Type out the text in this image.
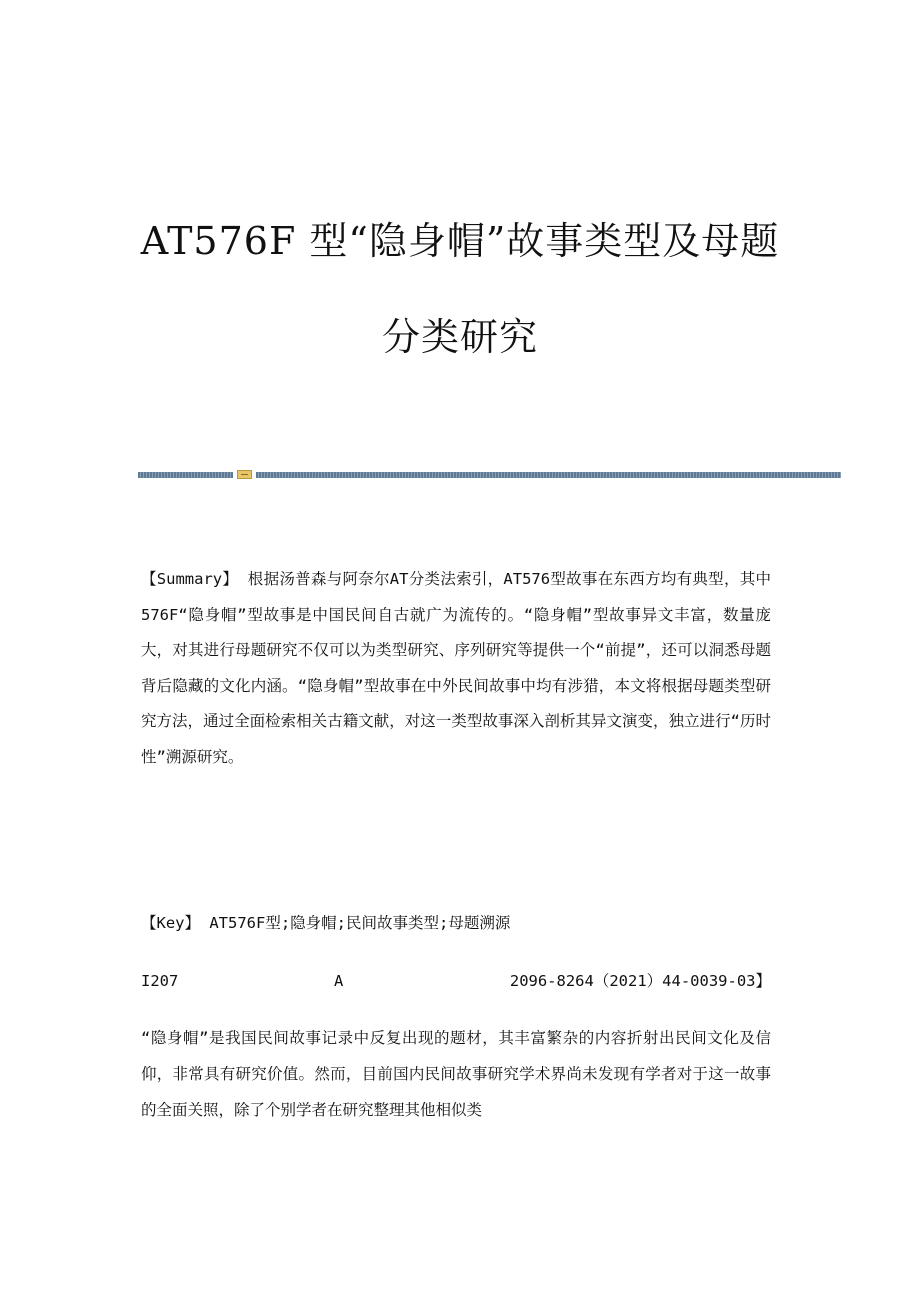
AT576F 型“隐身帽”故事类型及母题
分类研究

【Summary】 根据汤普森与阿奈尔AT分类法索引，AT576型故事在东西方均有典型，其中576F“隐身帽”型故事是中国民间自古就广为流传的。“隐身帽”型故事异文丰富，数量庞大，对其进行母题研究不仅可以为类型研究、序列研究等提供一个“前提”，还可以洞悉母题背后隐藏的文化内涵。“隐身帽”型故事在中外民间故事中均有涉猎，本文将根据母题类型研究方法，通过全面检索相关古籍文献，对这一类型故事深入剖析其异文演变，独立进行“历时性”溯源研究。

【Key】 AT576F型;隐身帽;民间故事类型;母题溯源

I207	A	2096-8264（2021）44-0039-03】

“隐身帽”是我国民间故事记录中反复出现的题材，其丰富繁杂的内容折射出民间文化及信仰，非常具有研究价值。然而，目前国内民间故事研究学术界尚未发现有学者对于这一故事的全面关照，除了个别学者在研究整理其他相似类
